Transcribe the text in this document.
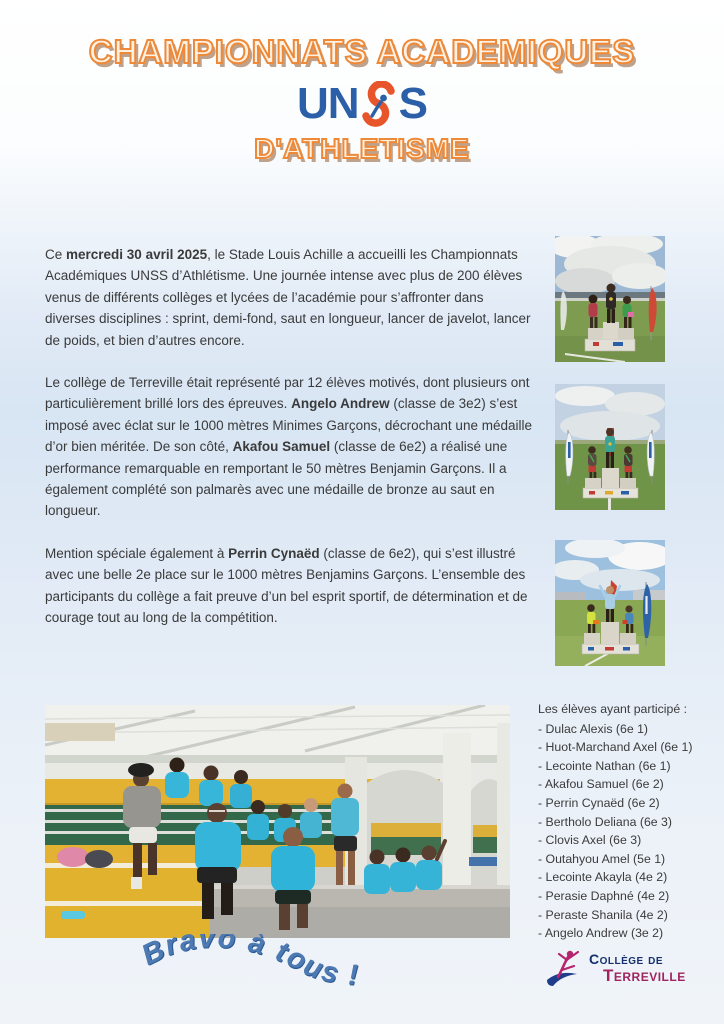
CHAMPIONNATS ACADEMIQUES
UN S
D'ATHLETISME

Ce mercredi 30 avril 2025, le Stade Louis Achille a accueilli les Championnats Académiques UNSS d’Athlétisme. Une journée intense avec plus de 200 élèves venus de différents collèges et lycées de l’académie pour s’affronter dans diverses disciplines : sprint, demi-fond, saut en longueur, lancer de javelot, lancer de poids, et bien d’autres encore.

Le collège de Terreville était représenté par 12 élèves motivés, dont plusieurs ont particulièrement brillé lors des épreuves. Angelo Andrew (classe de 3e2) s’est imposé avec éclat sur le 1000 mètres Minimes Garçons, décrochant une médaille d’or bien méritée. De son côté, Akafou Samuel (classe de 6e2) a réalisé une performance remarquable en remportant le 50 mètres Benjamin Garçons. Il a également complété son palmarès avec une médaille de bronze au saut en longueur.

Mention spéciale également à Perrin Cynaëd (classe de 6e2), qui s’est illustré avec une belle 2e place sur le 1000 mètres Benjamins Garçons. L’ensemble des participants du collège a fait preuve d’un bel esprit sportif, de détermination et de courage tout au long de la compétition.

Les élèves ayant participé :
- Dulac Alexis (6e 1)
- Huot-Marchand Axel (6e 1)
- Lecointe Nathan (6e 1)
- Akafou Samuel (6e 2)
- Perrin Cynaëd (6e 2)
- Bertholo Deliana (6e 3)
- Clovis Axel (6e 3)
- Outahyou Amel (5e 1)
- Lecointe Akayla (4e 2)
- Perasie Daphné (4e 2)
- Peraste Shanila (4e 2)
- Angelo Andrew (3e 2)
Bravo à tous !
Collège de
Terreville
